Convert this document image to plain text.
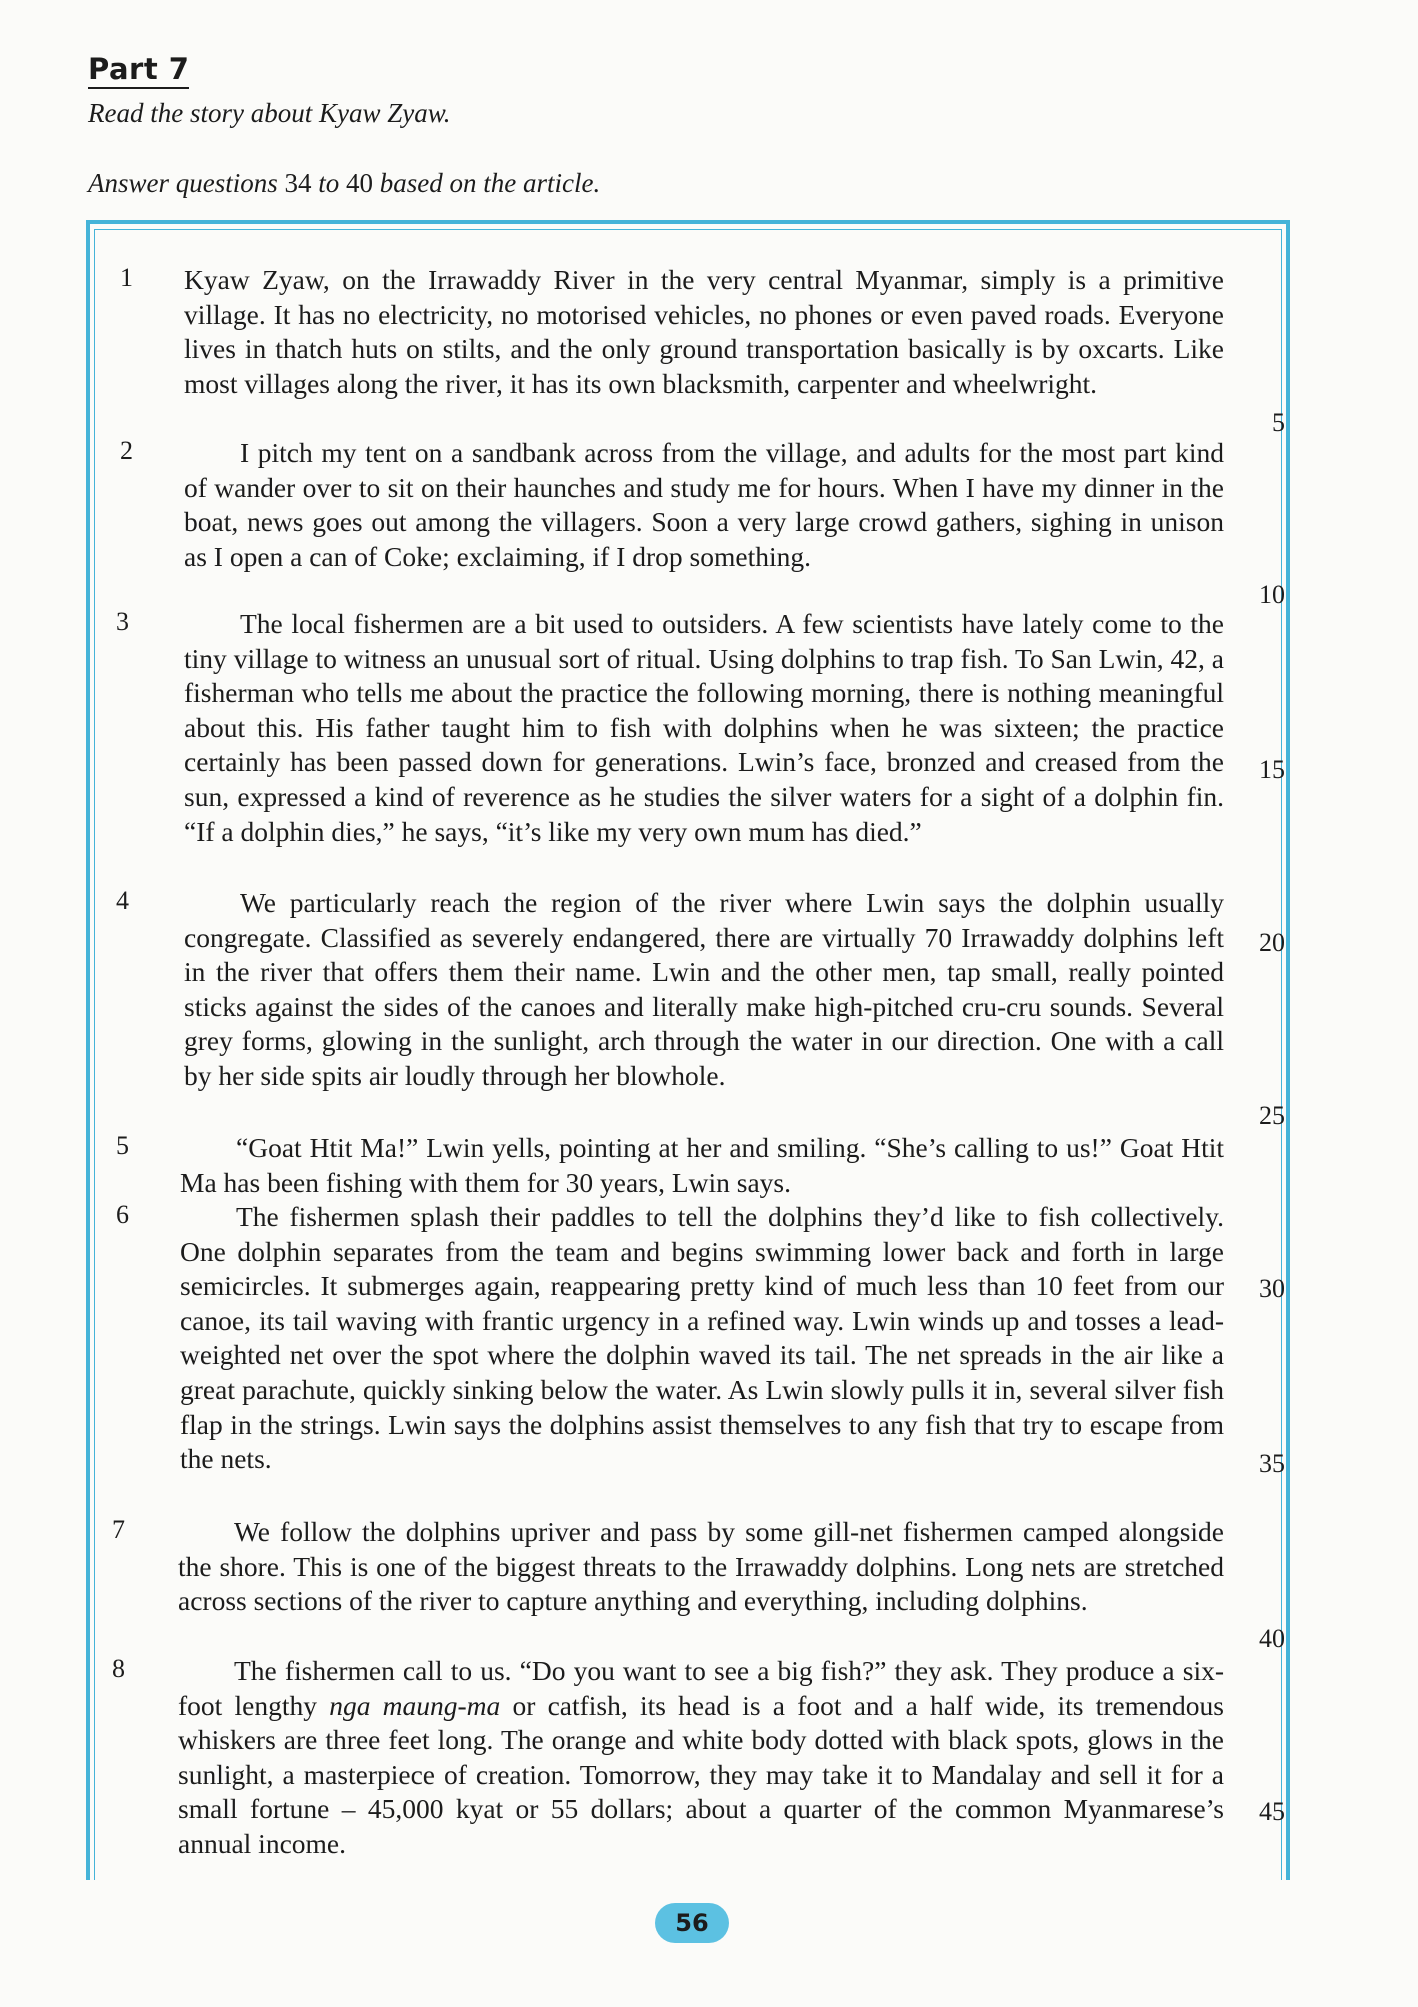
Part 7
Read the story about Kyaw Zyaw.
Answer questions 34 to 40 based on the article.
1
2
3
4
5
6
7
8
Kyaw Zyaw, on the Irrawaddy River in the very central Myanmar, simply is a primitive village. It has no electricity, no motorised vehicles, no phones or even paved roads. Everyone lives in thatch huts on stilts, and the only ground transportation basically is by oxcarts. Like most villages along the river, it has its own blacksmith, carpenter and wheelwright.
I pitch my tent on a sandbank across from the village, and adults for the most part kind of wander over to sit on their haunches and study me for hours. When I have my dinner in the boat, news goes out among the villagers. Soon a very large crowd gathers, sighing in unison as I open a can of Coke; exclaiming, if I drop something.
The local fishermen are a bit used to outsiders. A few scientists have lately come to the tiny village to witness an unusual sort of ritual. Using dolphins to trap fish. To San Lwin, 42, a fisherman who tells me about the practice the following morning, there is nothing meaningful about this. His father taught him to fish with dolphins when he was sixteen; the practice certainly has been passed down for generations. Lwin’s face, bronzed and creased from the sun, expressed a kind of reverence as he studies the silver waters for a sight of a dolphin fin. “If a dolphin dies,” he says, “it’s like my very own mum has died.”
We particularly reach the region of the river where Lwin says the dolphin usually congregate. Classified as severely endangered, there are virtually 70 Irrawaddy dolphins left in the river that offers them their name. Lwin and the other men, tap small, really pointed sticks against the sides of the canoes and literally make high-pitched cru-cru sounds. Several grey forms, glowing in the sunlight, arch through the water in our direction. One with a call by her side spits air loudly through her blowhole.
“Goat Htit Ma!” Lwin yells, pointing at her and smiling. “She’s calling to us!” Goat Htit Ma has been fishing with them for 30 years, Lwin says.
The fishermen splash their paddles to tell the dolphins they’d like to fish collectively. One dolphin separates from the team and begins swimming lower back and forth in large semicircles. It submerges again, reappearing pretty kind of much less than 10 feet from our canoe, its tail waving with frantic urgency in a refined way. Lwin winds up and tosses a lead-weighted net over the spot where the dolphin waved its tail. The net spreads in the air like a great parachute, quickly sinking below the water. As Lwin slowly pulls it in, several silver fish flap in the strings. Lwin says the dolphins assist themselves to any fish that try to escape from the nets.
We follow the dolphins upriver and pass by some gill-net fishermen camped alongside the shore. This is one of the biggest threats to the Irrawaddy dolphins. Long nets are stretched across sections of the river to capture anything and everything, including dolphins.
The fishermen call to us. “Do you want to see a big fish?” they ask. They produce a six-foot lengthy nga maung-ma or catfish, its head is a foot and a half wide, its tremendous whiskers are three feet long. The orange and white body dotted with black spots, glows in the sunlight, a masterpiece of creation. Tomorrow, they may take it to Mandalay and sell it for a small fortune – 45,000 kyat or 55 dollars; about a quarter of the common Myanmarese’s annual income.
5
10
15
20
25
30
35
40
45
56
